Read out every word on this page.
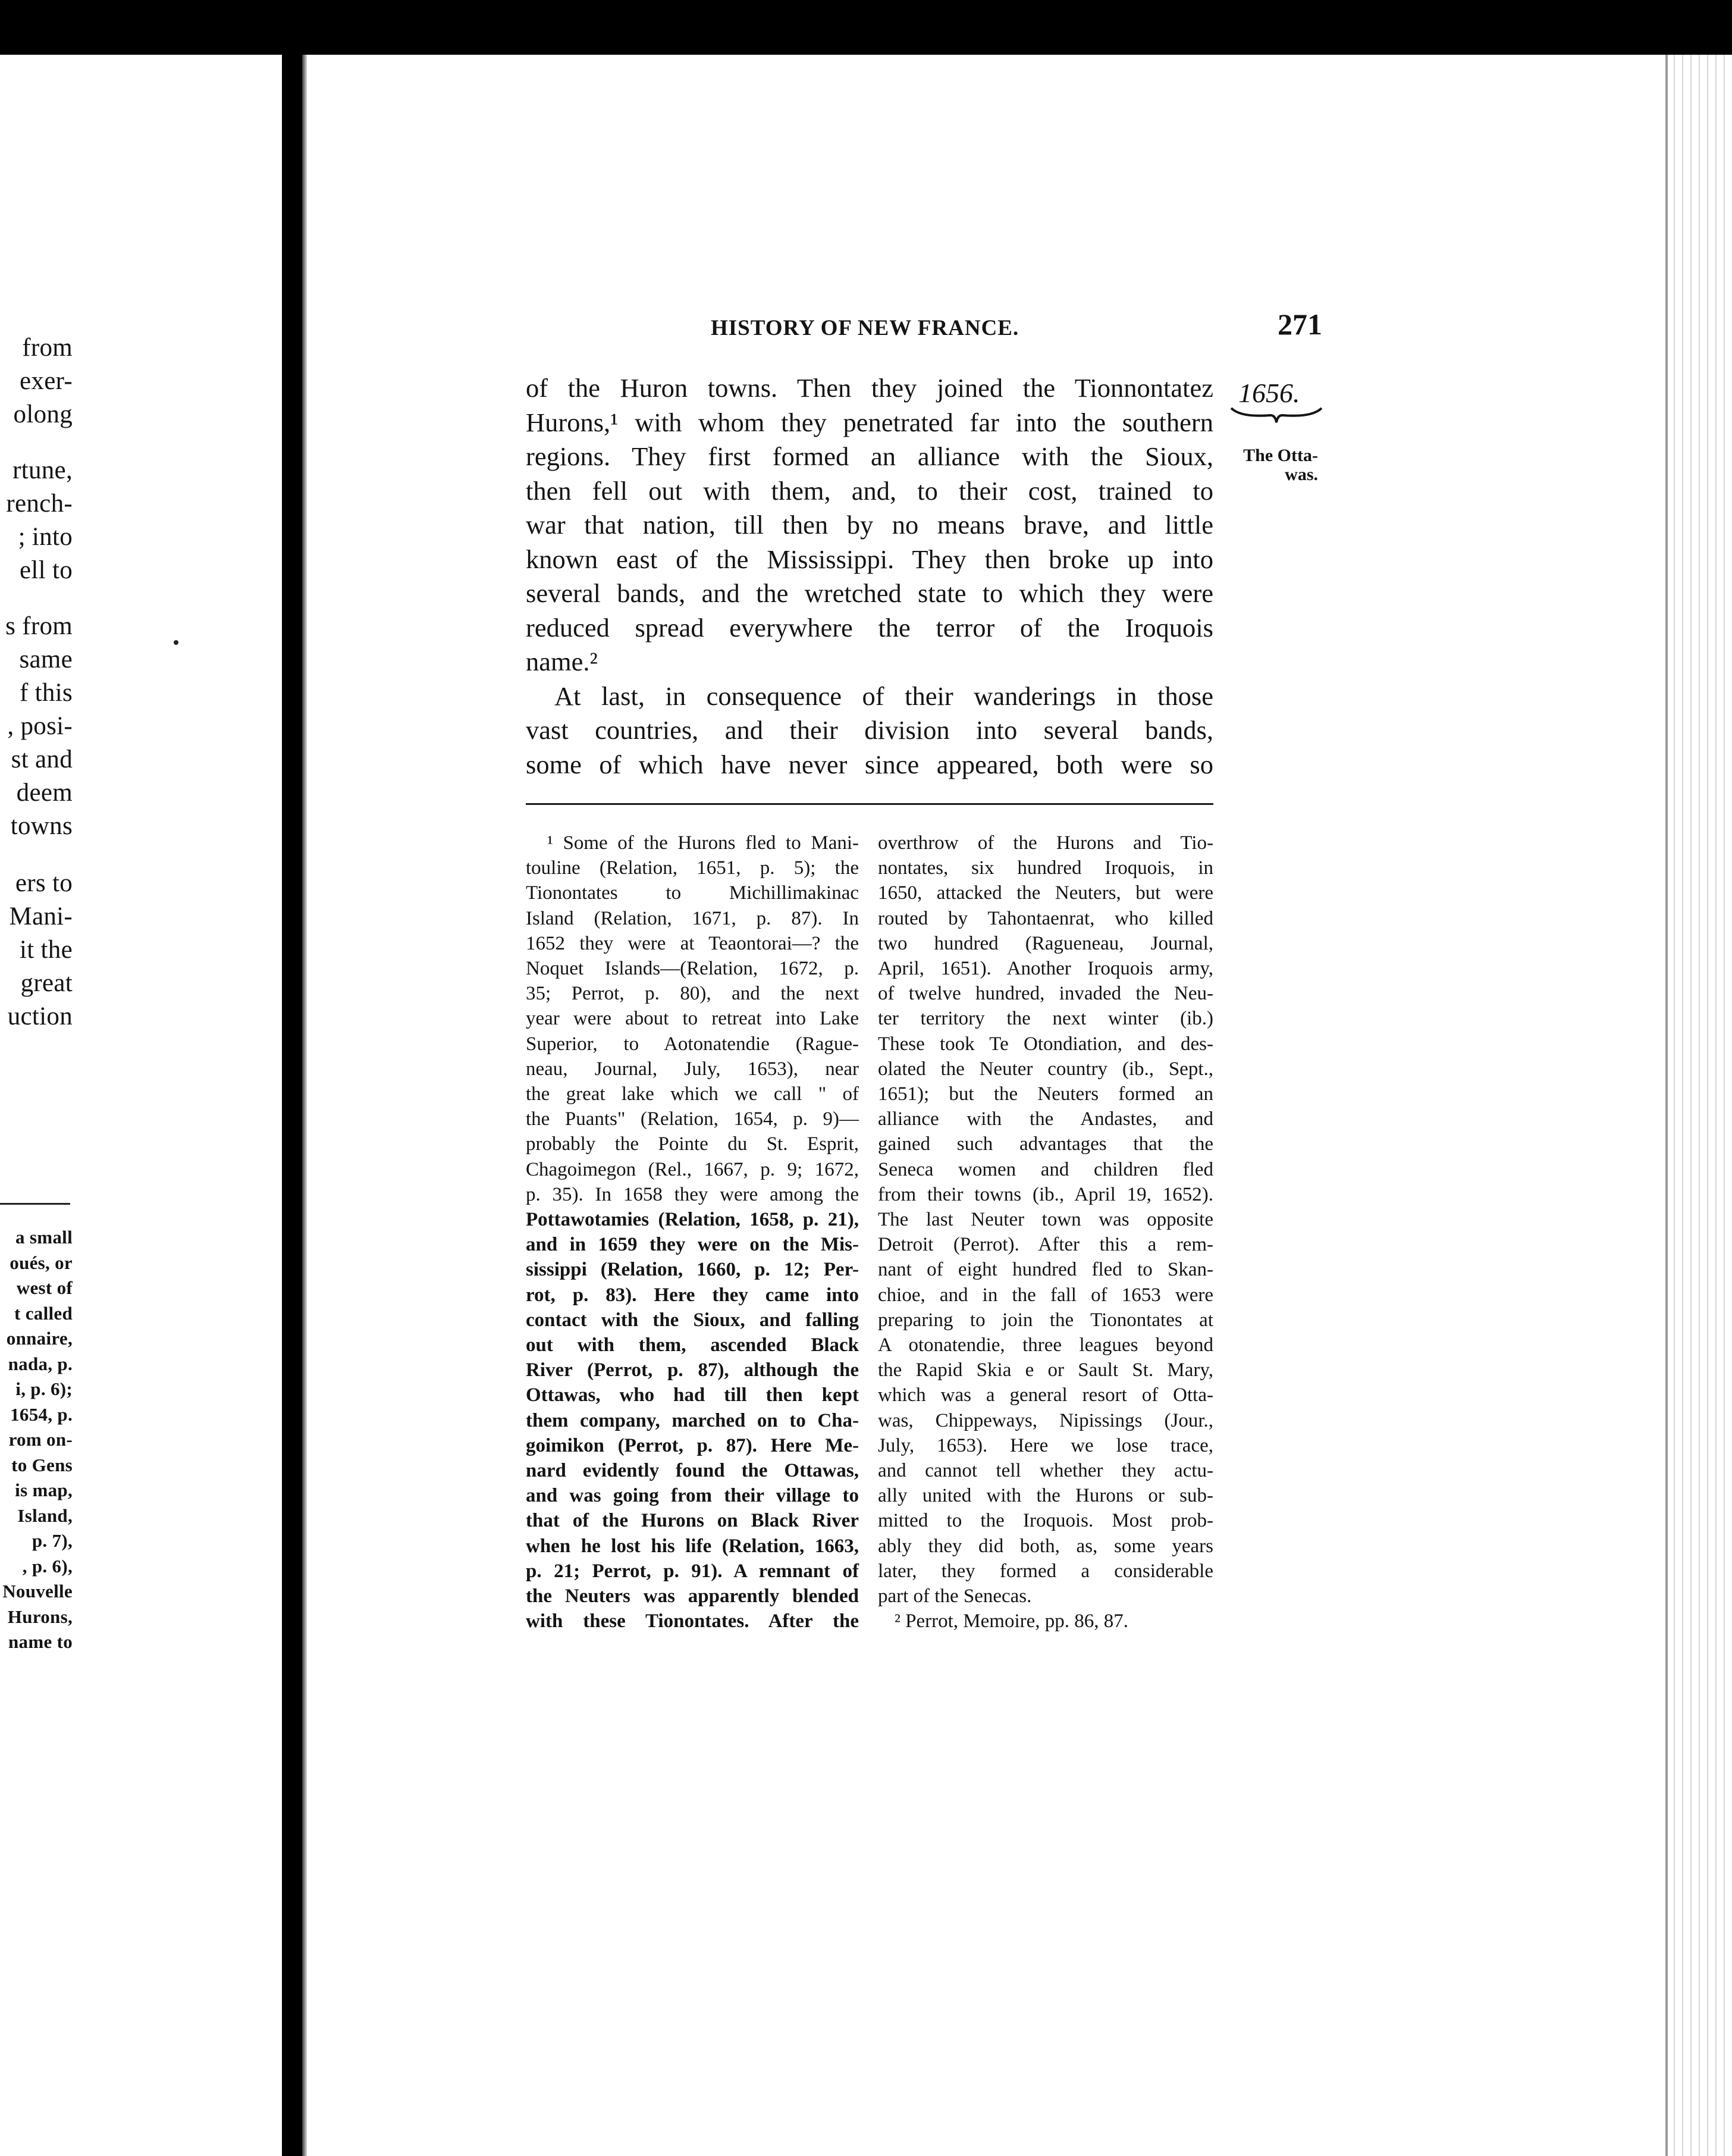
from
exer-
olong
rtune,
rench-
; into
ell to
s from
same
f this
, posi-
st and
deem
towns
ers to
Mani-
it the
great
uction
a small
oués, or
west of
t called
onnaire,
nada, p.
i, p. 6);
1654, p.
rom on-
to Gens
is map,
Island,
p. 7),
, p. 6),
Nouvelle
Hurons,
name to
HISTORY OF NEW FRANCE.	271
1656.
The Otta-
was.
of the Huron towns. Then they joined the Tionnontatez
Hurons,¹ with whom they penetrated far into the southern
regions. They first formed an alliance with the Sioux,
then fell out with them, and, to their cost, trained to
war that nation, till then by no means brave, and little
known east of the Mississippi. They then broke up into
several bands, and the wretched state to which they were
reduced spread everywhere the terror of the Iroquois
name.²
At last, in consequence of their wanderings in those
vast countries, and their division into several bands,
some of which have never since appeared, both were so
¹ Some of the Hurons fled to Mani-
touline (Relation, 1651, p. 5); the
Tionontates to Michillimakinac
Island (Relation, 1671, p. 87). In
1652 they were at Teaontorai—? the
Noquet Islands—(Relation, 1672, p.
35; Perrot, p. 80), and the next
year were about to retreat into Lake
Superior, to Aotonatendie (Rague-
neau, Journal, July, 1653), near
the great lake which we call " of
the Puants" (Relation, 1654, p. 9)—
probably the Pointe du St. Esprit,
Chagoimegon (Rel., 1667, p. 9; 1672,
p. 35). In 1658 they were among the
Pottawotamies (Relation, 1658, p. 21),
and in 1659 they were on the Mis-
sissippi (Relation, 1660, p. 12; Per-
rot, p. 83). Here they came into
contact with the Sioux, and falling
out with them, ascended Black
River (Perrot, p. 87), although the
Ottawas, who had till then kept
them company, marched on to Cha-
goimikon (Perrot, p. 87). Here Me-
nard evidently found the Ottawas,
and was going from their village to
that of the Hurons on Black River
when he lost his life (Relation, 1663,
p. 21; Perrot, p. 91). A remnant of
the Neuters was apparently blended
with these Tionontates. After the
overthrow of the Hurons and Tio-
nontates, six hundred Iroquois, in
1650, attacked the Neuters, but were
routed by Tahontaenrat, who killed
two hundred (Ragueneau, Journal,
April, 1651). Another Iroquois army,
of twelve hundred, invaded the Neu-
ter territory the next winter (ib.)
These took Te Otondiation, and des-
olated the Neuter country (ib., Sept.,
1651); but the Neuters formed an
alliance with the Andastes, and
gained such advantages that the
Seneca women and children fled
from their towns (ib., April 19, 1652).
The last Neuter town was opposite
Detroit (Perrot). After this a rem-
nant of eight hundred fled to Skan-
chioe, and in the fall of 1653 were
preparing to join the Tionontates at
A otonatendie, three leagues beyond
the Rapid Skia e or Sault St. Mary,
which was a general resort of Otta-
was, Chippeways, Nipissings (Jour.,
July, 1653). Here we lose trace,
and cannot tell whether they actu-
ally united with the Hurons or sub-
mitted to the Iroquois. Most prob-
ably they did both, as, some years
later, they formed a considerable
part of the Senecas.
² Perrot, Memoire, pp. 86, 87.
